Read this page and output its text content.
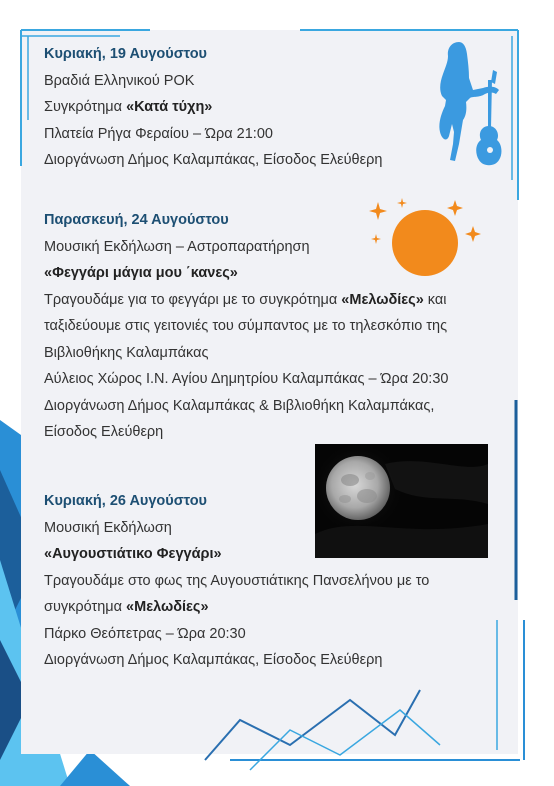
Κυριακή, 19 Αυγούστου
Βραδιά Ελληνικού ΡΟΚ
Συγκρότημα «Κατά τύχη»
Πλατεία Ρήγα Φεραίου – Ώρα 21:00
Διοργάνωση Δήμος Καλαμπάκας, Είσοδος Ελεύθερη
Παρασκευή, 24 Αυγούστου
Μουσική Εκδήλωση – Αστροπαρατήρηση
«Φεγγάρι μάγια μου ΄κανες»
Τραγουδάμε για το φεγγάρι με το συγκρότημα «Μελωδίες» και
ταξιδεύουμε στις γειτονιές του σύμπαντος με το τηλεσκόπιο της
Βιβλιοθήκης Καλαμπάκας
Αύλειος Χώρος Ι.Ν. Αγίου Δημητρίου Καλαμπάκας – Ώρα 20:30
Διοργάνωση Δήμος Καλαμπάκας & Βιβλιοθήκη Καλαμπάκας,
Είσοδος Ελεύθερη
Κυριακή, 26 Αυγούστου
Μουσική Εκδήλωση
«Αυγουστιάτικο Φεγγάρι»
Τραγουδάμε στο φως της Αυγουστιάτικης Πανσελήνου με το
συγκρότημα «Μελωδίες»
Πάρκο Θεόπετρας – Ώρα 20:30
Διοργάνωση Δήμος Καλαμπάκας, Είσοδος Ελεύθερη
